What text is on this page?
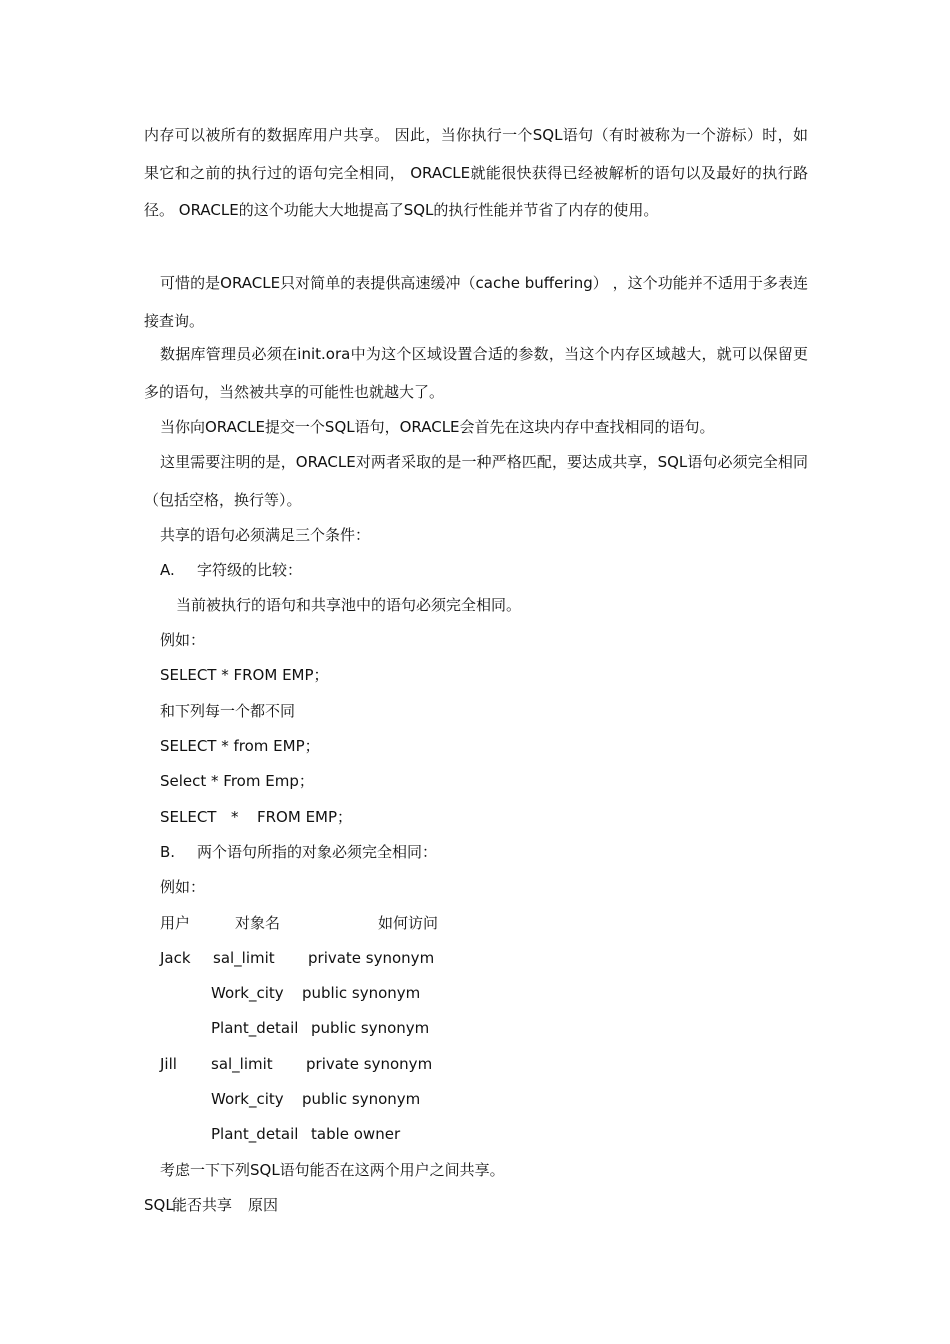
内存可以被所有的数据库用户共享。 因此，当你执行一个SQL语句（有时被称为一个游标）时，如果它和之前的执行过的语句完全相同， ORACLE就能很快获得已经被解析的语句以及最好的执行路径。 ORACLE的这个功能大大地提高了SQL的执行性能并节省了内存的使用。

可惜的是ORACLE只对简单的表提供高速缓冲（cache buffering） ，这个功能并不适用于多表连接查询。

数据库管理员必须在init.ora中为这个区域设置合适的参数，当这个内存区域越大，就可以保留更多的语句，当然被共享的可能性也就越大了。

当你向ORACLE提交一个SQL语句，ORACLE会首先在这块内存中查找相同的语句。

这里需要注明的是，ORACLE对两者采取的是一种严格匹配，要达成共享，SQL语句必须完全相同（包括空格，换行等）。

共享的语句必须满足三个条件：

A. 字符级的比较：

当前被执行的语句和共享池中的语句必须完全相同。

例如：

SELECT * FROM EMP；

和下列每一个都不同

SELECT * from EMP；

Select * From Emp；

SELECT * FROM EMP；
B. 两个语句所指的对象必须完全相同：

例如：

用户	对象名	如何访问
Jack sal_limit private synonym
Work_city public synonym
Plant_detail public synonym
Jill sal_limit private synonym
Work_city public synonym
Plant_detail table owner

考虑一下下列SQL语句能否在这两个用户之间共享。

SQL
能否共享 原因
